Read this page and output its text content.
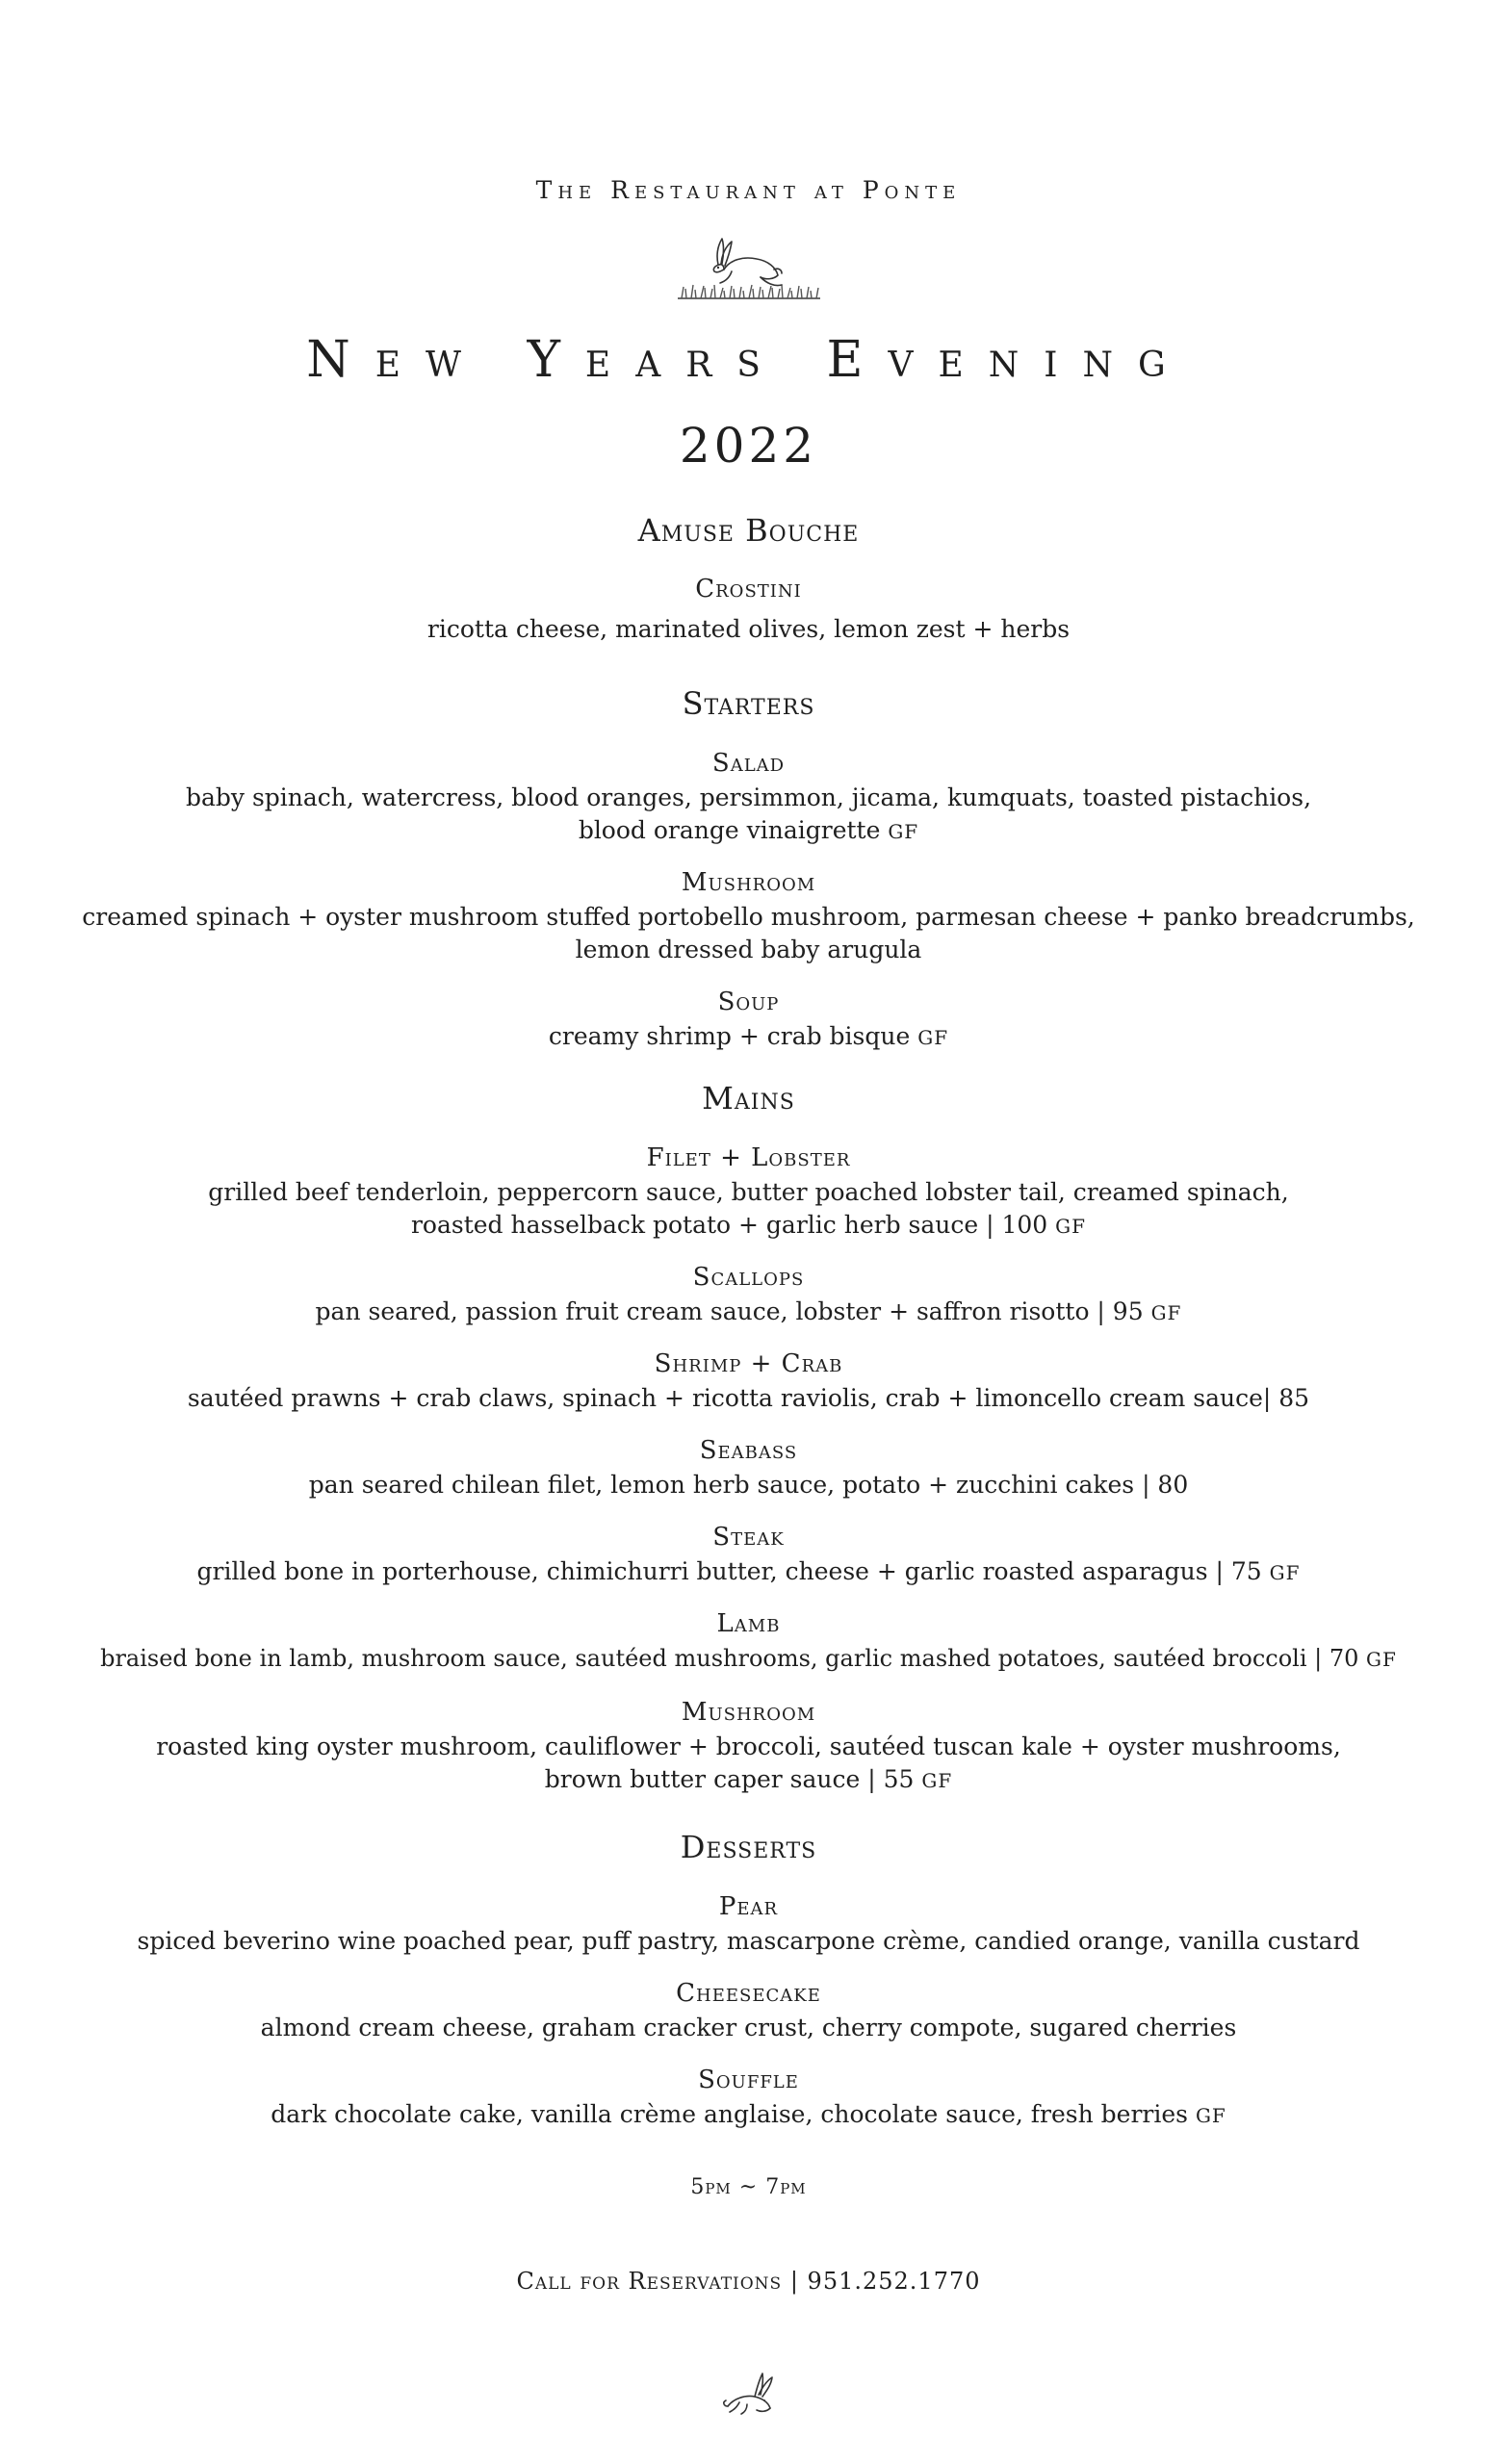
The Restaurant at Ponte
New Years Evening
2022
Amuse Bouche
Crostini
ricotta cheese, marinated olives, lemon zest + herbs
Starters
Salad
baby spinach, watercress, blood oranges, persimmon, jicama, kumquats, toasted pistachios,
blood orange vinaigrette GF
Mushroom
creamed spinach + oyster mushroom stuffed portobello mushroom, parmesan cheese + panko breadcrumbs,
lemon dressed baby arugula
Soup
creamy shrimp + crab bisque GF
Mains
Filet + Lobster
grilled beef tenderloin, peppercorn sauce, butter poached lobster tail, creamed spinach,
roasted hasselback potato + garlic herb sauce | 100 GF
Scallops
pan seared, passion fruit cream sauce, lobster + saffron risotto | 95 GF
Shrimp + Crab
sautéed prawns + crab claws, spinach + ricotta raviolis, crab + limoncello cream sauce| 85
Seabass
pan seared chilean filet, lemon herb sauce, potato + zucchini cakes | 80
Steak
grilled bone in porterhouse, chimichurri butter, cheese + garlic roasted asparagus | 75 GF
Lamb
braised bone in lamb, mushroom sauce, sautéed mushrooms, garlic mashed potatoes, sautéed broccoli | 70 GF
Mushroom
roasted king oyster mushroom, cauliflower + broccoli, sautéed tuscan kale + oyster mushrooms,
brown butter caper sauce | 55 GF
Desserts
Pear
spiced beverino wine poached pear, puff pastry, mascarpone crème, candied orange, vanilla custard
Cheesecake
almond cream cheese, graham cracker crust, cherry compote, sugared cherries
Souffle
dark chocolate cake, vanilla crème anglaise, chocolate sauce, fresh berries GF
5pm ~ 7pm
Call for Reservations | 951.252.1770
